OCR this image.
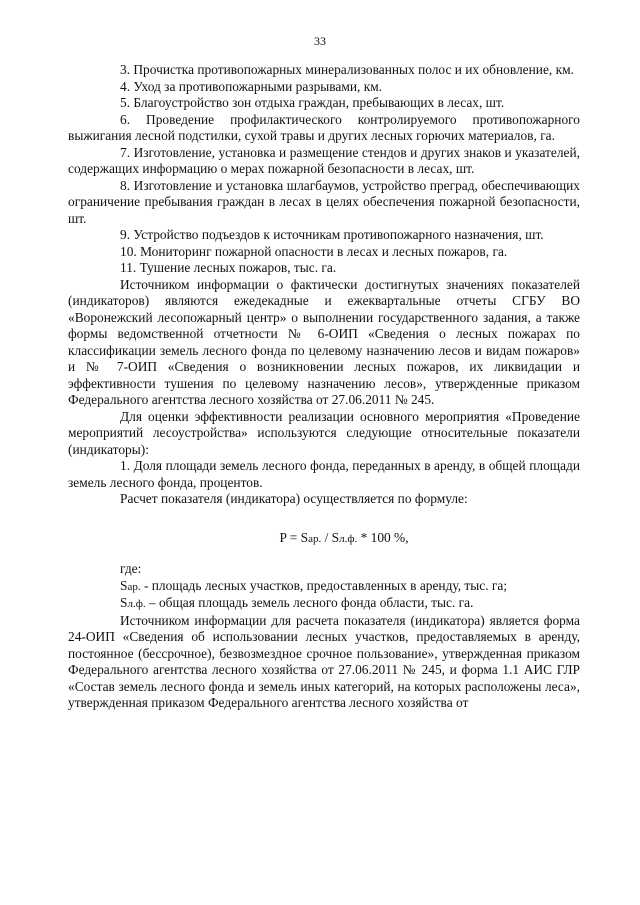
33

3. Прочистка противопожарных минерализованных полос и их обновление, км.

4. Уход за противопожарными разрывами, км.

5. Благоустройство зон отдыха граждан, пребывающих в лесах, шт.

6. Проведение профилактического контролируемого противопожарного выжигания лесной подстилки, сухой травы и других лесных горючих материалов, га.

7. Изготовление, установка и размещение стендов и других знаков и указателей, содержащих информацию о мерах пожарной безопасности в лесах, шт.

8. Изготовление и установка шлагбаумов, устройство преград, обеспечивающих ограничение пребывания граждан в лесах в целях обеспечения пожарной безопасности, шт.

9. Устройство подъездов к источникам противопожарного назначения, шт.

10. Мониторинг пожарной опасности в лесах и лесных пожаров, га.

11. Тушение лесных пожаров, тыс. га.

Источником информации о фактически достигнутых значениях показателей (индикаторов) являются ежедекадные и ежеквартальные отчеты СГБУ ВО «Воронежский лесопожарный центр» о выполнении государственного задания, а также формы ведомственной отчетности № 6-ОИП «Сведения о лесных пожарах по классификации земель лесного фонда по целевому назначению лесов и видам пожаров» и № 7-ОИП «Сведения о возникновении лесных пожаров, их ликвидации и эффективности тушения по целевому назначению лесов», утвержденные приказом Федерального агентства лесного хозяйства от 27.06.2011 № 245.

Для оценки эффективности реализации основного мероприятия «Проведение мероприятий лесоустройства» используются следующие относительные показатели (индикаторы):

1. Доля площади земель лесного фонда, переданных в аренду, в общей площади земель лесного фонда, процентов.

Расчет показателя (индикатора) осуществляется по формуле:

P = Sар. / Sл.ф. * 100 %,

где:

Sар. - площадь лесных участков, предоставленных в аренду, тыс. га;

Sл.ф. – общая площадь земель лесного фонда области, тыс. га.

Источником информации для расчета показателя (индикатора) является форма 24-ОИП «Сведения об использовании лесных участков, предоставляемых в аренду, постоянное (бессрочное), безвозмездное срочное пользование», утвержденная приказом Федерального агентства лесного хозяйства от 27.06.2011 № 245, и форма 1.1 АИС ГЛР «Состав земель лесного фонда и земель иных категорий, на которых расположены леса», утвержденная приказом Федерального агентства лесного хозяйства от
